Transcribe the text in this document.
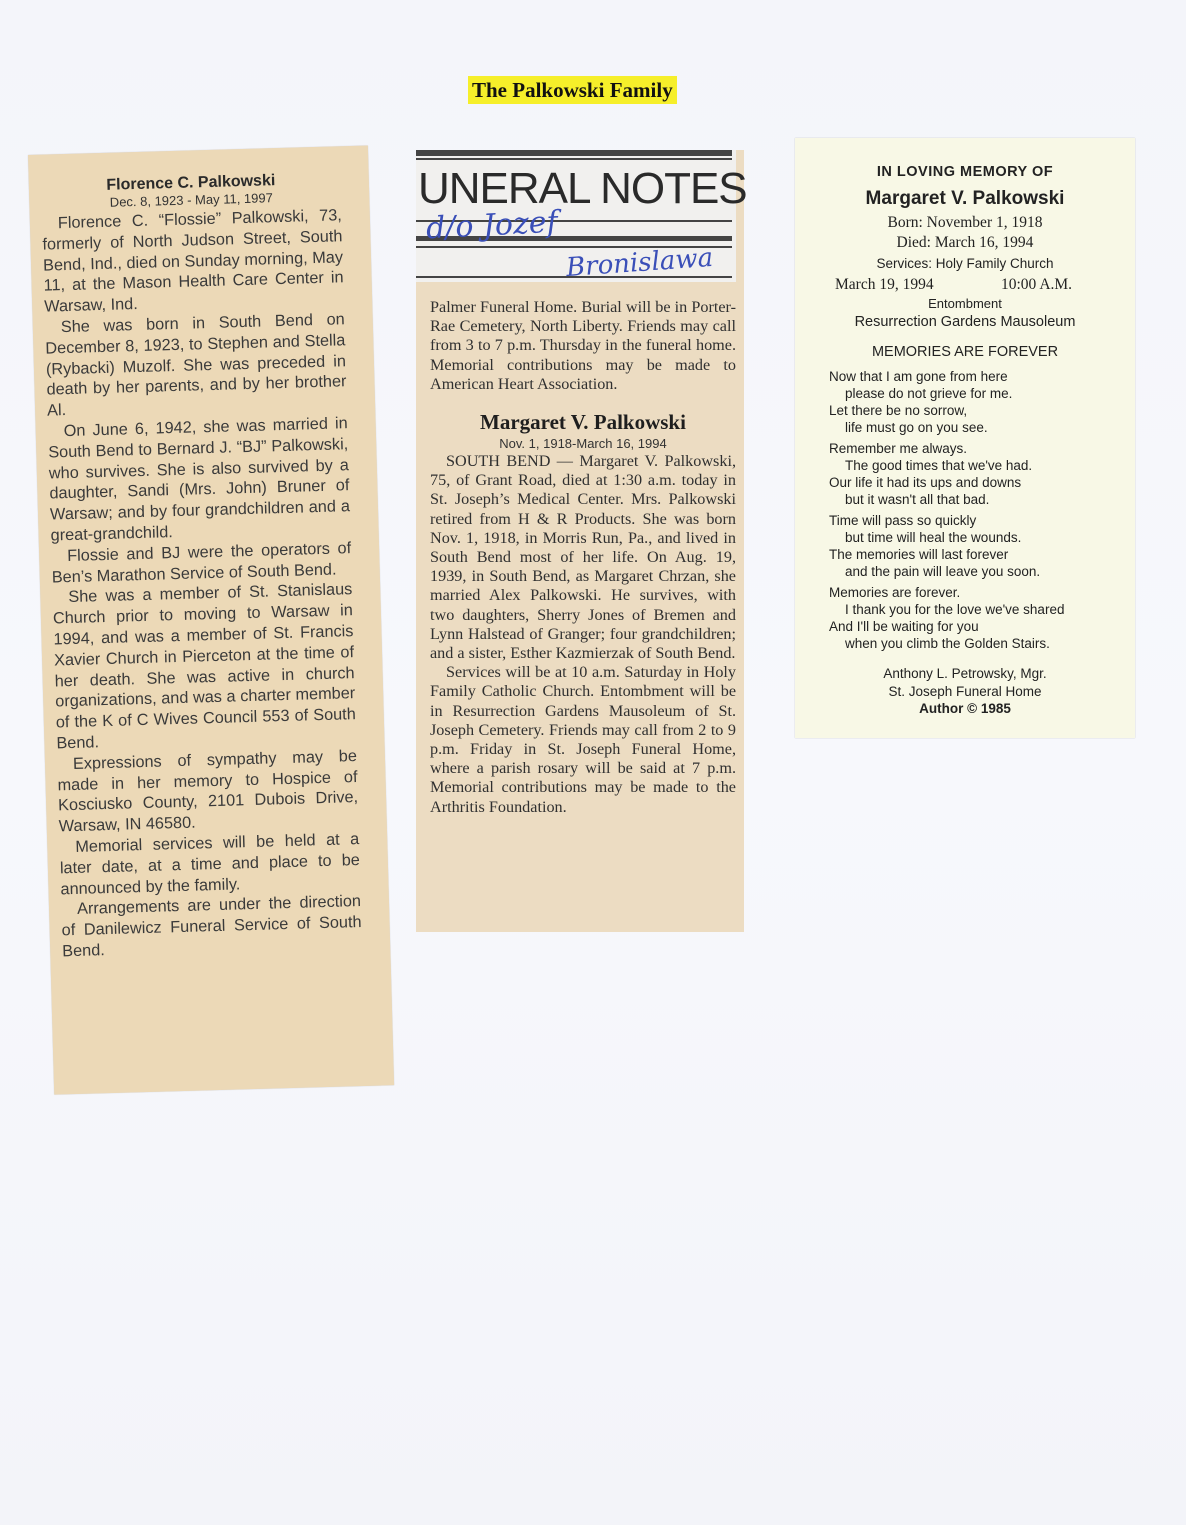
The Palkowski Family
Florence C. Palkowski
Dec. 8, 1923 - May 11, 1997

Florence C. “Flossie” Palkowski, 73, formerly of North Judson Street, South Bend, Ind., died on Sunday morning, May 11, at the Mason Health Care Center in Warsaw, Ind.

She was born in South Bend on December 8, 1923, to Stephen and Stella (Rybacki) Muzolf. She was preceded in death by her parents, and by her brother Al.

On June 6, 1942, she was married in South Bend to Bernard J. “BJ” Palkowski, who survives. She is also survived by a daughter, Sandi (Mrs. John) Bruner of Warsaw; and by four grandchildren and a great-grandchild.

Flossie and BJ were the operators of Ben’s Marathon Service of South Bend.

She was a member of St. Stanislaus Church prior to moving to Warsaw in 1994, and was a member of St. Francis Xavier Church in Pierceton at the time of her death. She was active in church organizations, and was a charter member of the K of C Wives Council 553 of South Bend.

Expressions of sympathy may be made in her memory to Hospice of Kosciusko County, 2101 Dubois Drive, Warsaw, IN 46580.

Memorial services will be held at a later date, at a time and place to be announced by the family.

Arrangements are under the direction of Danilewicz Funeral Service of South Bend.

UNERAL NOTES
d/o Jozef
Bronislawa

Palmer Funeral Home. Burial will be in Porter-Rae Cemetery, North Liberty. Friends may call from 3 to 7 p.m. Thursday in the funeral home. Memorial contributions may be made to American Heart Association.

Margaret V. Palkowski
Nov. 1, 1918-March 16, 1994

SOUTH BEND — Margaret V. Palkowski, 75, of Grant Road, died at 1:30 a.m. today in St. Joseph’s Medical Center. Mrs. Palkowski retired from H & R Products. She was born Nov. 1, 1918, in Morris Run, Pa., and lived in South Bend most of her life. On Aug. 19, 1939, in South Bend, as Margaret Chrzan, she married Alex Palkowski. He survives, with two daughters, Sherry Jones of Bremen and Lynn Halstead of Granger; four grandchildren; and a sister, Esther Kazmierzak of South Bend.

Services will be at 10 a.m. Saturday in Holy Family Catholic Church. Entombment will be in Resurrection Gardens Mausoleum of St. Joseph Cemetery. Friends may call from 2 to 9 p.m. Friday in St. Joseph Funeral Home, where a parish rosary will be said at 7 p.m. Memorial contributions may be made to the Arthritis Foundation.

IN LOVING MEMORY OF
Margaret V. Palkowski
Born: November 1, 1918
Died: March 16, 1994
Services: Holy Family Church
March 19, 1994	10:00 A.M.
Entombment
Resurrection Gardens Mausoleum
MEMORIES ARE FOREVER
Now that I am gone from here
please do not grieve for me.
Let there be no sorrow,
life must go on you see.
Remember me always.
The good times that we've had.
Our life it had its ups and downs
but it wasn't all that bad.
Time will pass so quickly
but time will heal the wounds.
The memories will last forever
and the pain will leave you soon.
Memories are forever.
I thank you for the love we've shared
And I'll be waiting for you
when you climb the Golden Stairs.
Anthony L. Petrowsky, Mgr.
St. Joseph Funeral Home
Author © 1985
